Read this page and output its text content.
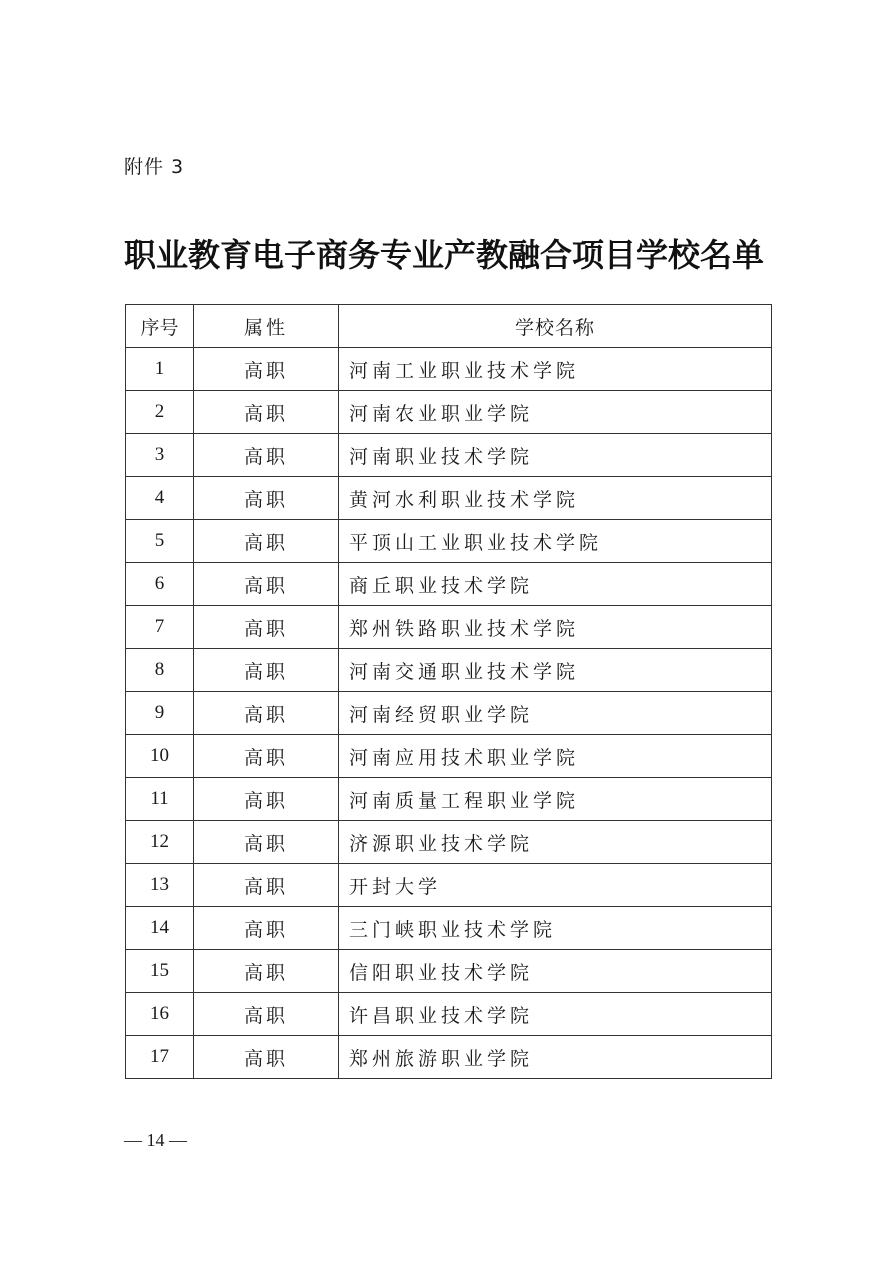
附件 3
职业教育电子商务专业产教融合项目学校名单
序号	属性	学校名称
1	高职	河南工业职业技术学院
2	高职	河南农业职业学院
3	高职	河南职业技术学院
4	高职	黄河水利职业技术学院
5	高职	平顶山工业职业技术学院
6	高职	商丘职业技术学院
7	高职	郑州铁路职业技术学院
8	高职	河南交通职业技术学院
9	高职	河南经贸职业学院
10	高职	河南应用技术职业学院
11	高职	河南质量工程职业学院
12	高职	济源职业技术学院
13	高职	开封大学
14	高职	三门峡职业技术学院
15	高职	信阳职业技术学院
16	高职	许昌职业技术学院
17	高职	郑州旅游职业学院
— 14 —
